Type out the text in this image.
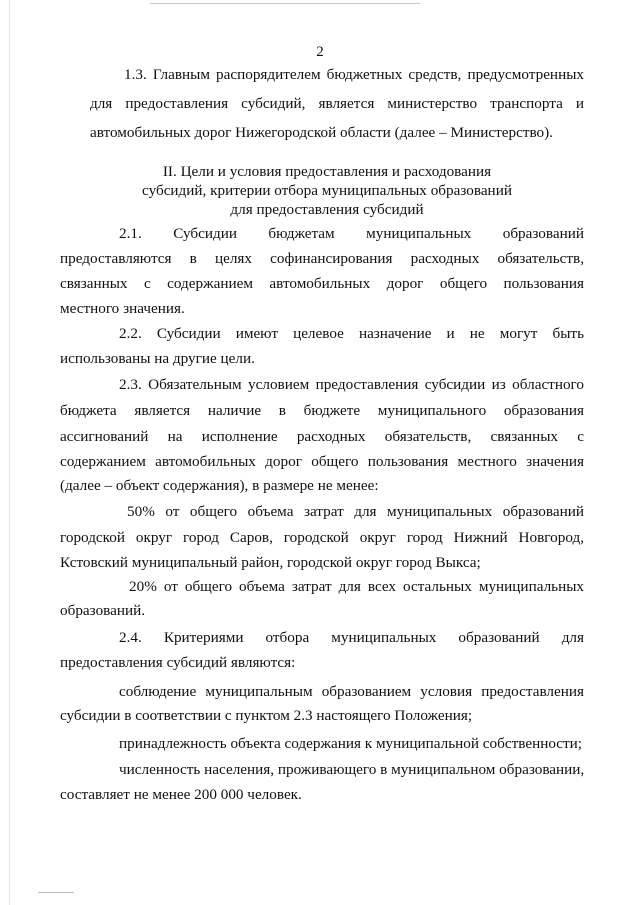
2
1.3. Главным распорядителем бюджетных средств, предусмотренных
для предоставления субсидий, является министерство транспорта и
автомобильных дорог Нижегородской области (далее – Министерство).
II. Цели и условия предоставления и расходования
субсидий, критерии отбора муниципальных образований
для предоставления субсидий
2.1. Субсидии бюджетам муниципальных образований
предоставляются в целях софинансирования расходных обязательств,
связанных с содержанием автомобильных дорог общего пользования
местного значения.
2.2. Субсидии имеют целевое назначение и не могут быть
использованы на другие цели.
2.3. Обязательным условием предоставления субсидии из областного
бюджета является наличие в бюджете муниципального образования
ассигнований на исполнение расходных обязательств, связанных с
содержанием автомобильных дорог общего пользования местного значения
(далее – объект содержания), в размере не менее:
50% от общего объема затрат для муниципальных образований
городской округ город Саров, городской округ город Нижний Новгород,
Кстовский муниципальный район, городской округ город Выкса;
20% от общего объема затрат для всех остальных муниципальных
образований.
2.4. Критериями отбора муниципальных образований для
предоставления субсидий являются:
соблюдение муниципальным образованием условия предоставления
субсидии в соответствии с пунктом 2.3 настоящего Положения;
принадлежность объекта содержания к муниципальной собственности;
численность населения, проживающего в муниципальном образовании,
составляет не менее 200 000 человек.
